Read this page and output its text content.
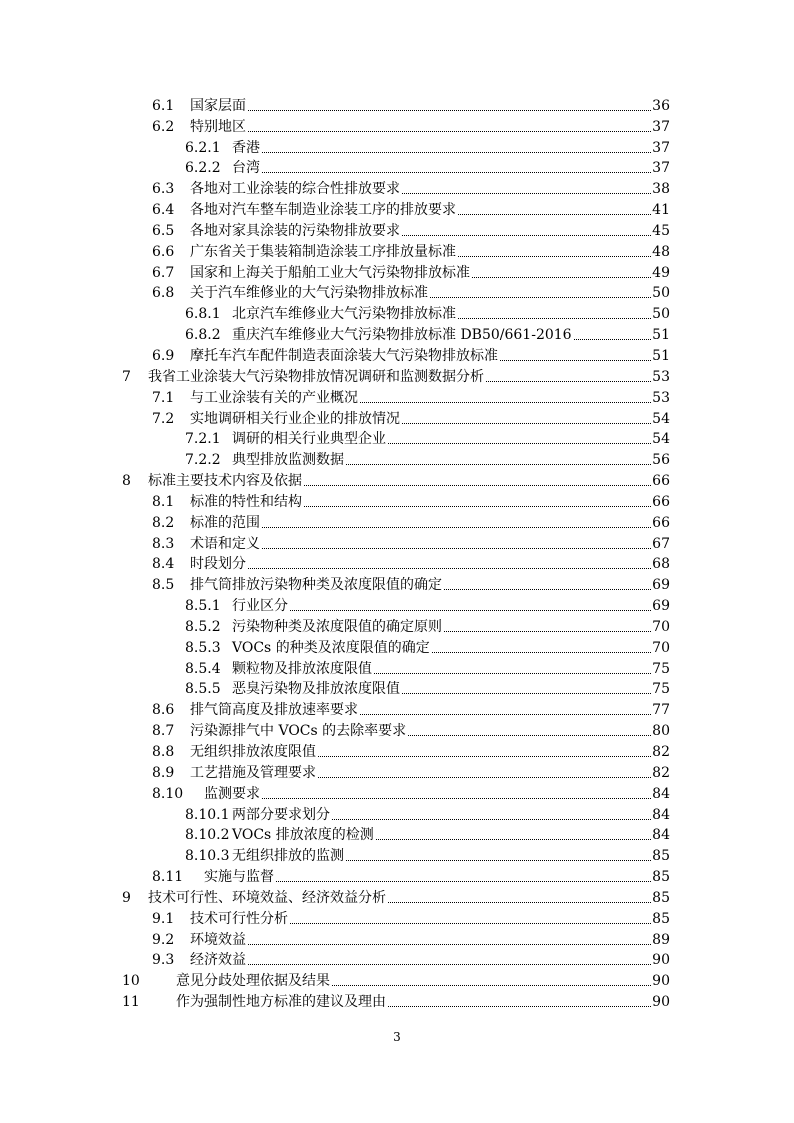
6.1 国家层面	36
6.2 特别地区	37
6.2.1 香港	37
6.2.2 台湾	37
6.3 各地对工业涂装的综合性排放要求	38
6.4 各地对汽车整车制造业涂装工序的排放要求	41
6.5 各地对家具涂装的污染物排放要求	45
6.6 广东省关于集装箱制造涂装工序排放量标准	48
6.7 国家和上海关于船舶工业大气污染物排放标准	49
6.8 关于汽车维修业的大气污染物排放标准	50
6.8.1 北京汽车维修业大气污染物排放标准	50
6.8.2 重庆汽车维修业大气污染物排放标准 DB50/661-2016	51
6.9 摩托车汽车配件制造表面涂装大气污染物排放标准	51
7 我省工业涂装大气污染物排放情况调研和监测数据分析	53
7.1 与工业涂装有关的产业概况	53
7.2 实地调研相关行业企业的排放情况	54
7.2.1 调研的相关行业典型企业	54
7.2.2 典型排放监测数据	56
8 标准主要技术内容及依据	66
8.1 标准的特性和结构	66
8.2 标准的范围	66
8.3 术语和定义	67
8.4 时段划分	68
8.5 排气筒排放污染物种类及浓度限值的确定	69
8.5.1 行业区分	69
8.5.2 污染物种类及浓度限值的确定原则	70
8.5.3 VOCs 的种类及浓度限值的确定	70
8.5.4 颗粒物及排放浓度限值	75
8.5.5 恶臭污染物及排放浓度限值	75
8.6 排气筒高度及排放速率要求	77
8.7 污染源排气中 VOCs 的去除率要求	80
8.8 无组织排放浓度限值	82
8.9 工艺措施及管理要求	82
8.10 监测要求	84
8.10.1 两部分要求划分	84
8.10.2 VOCs 排放浓度的检测	84
8.10.3 无组织排放的监测	85
8.11 实施与监督	85
9 技术可行性、环境效益、经济效益分析	85
9.1 技术可行性分析	85
9.2 环境效益	89
9.3 经济效益	90
10	意见分歧处理依据及结果	90
11	作为强制性地方标准的建议及理由	90
3
